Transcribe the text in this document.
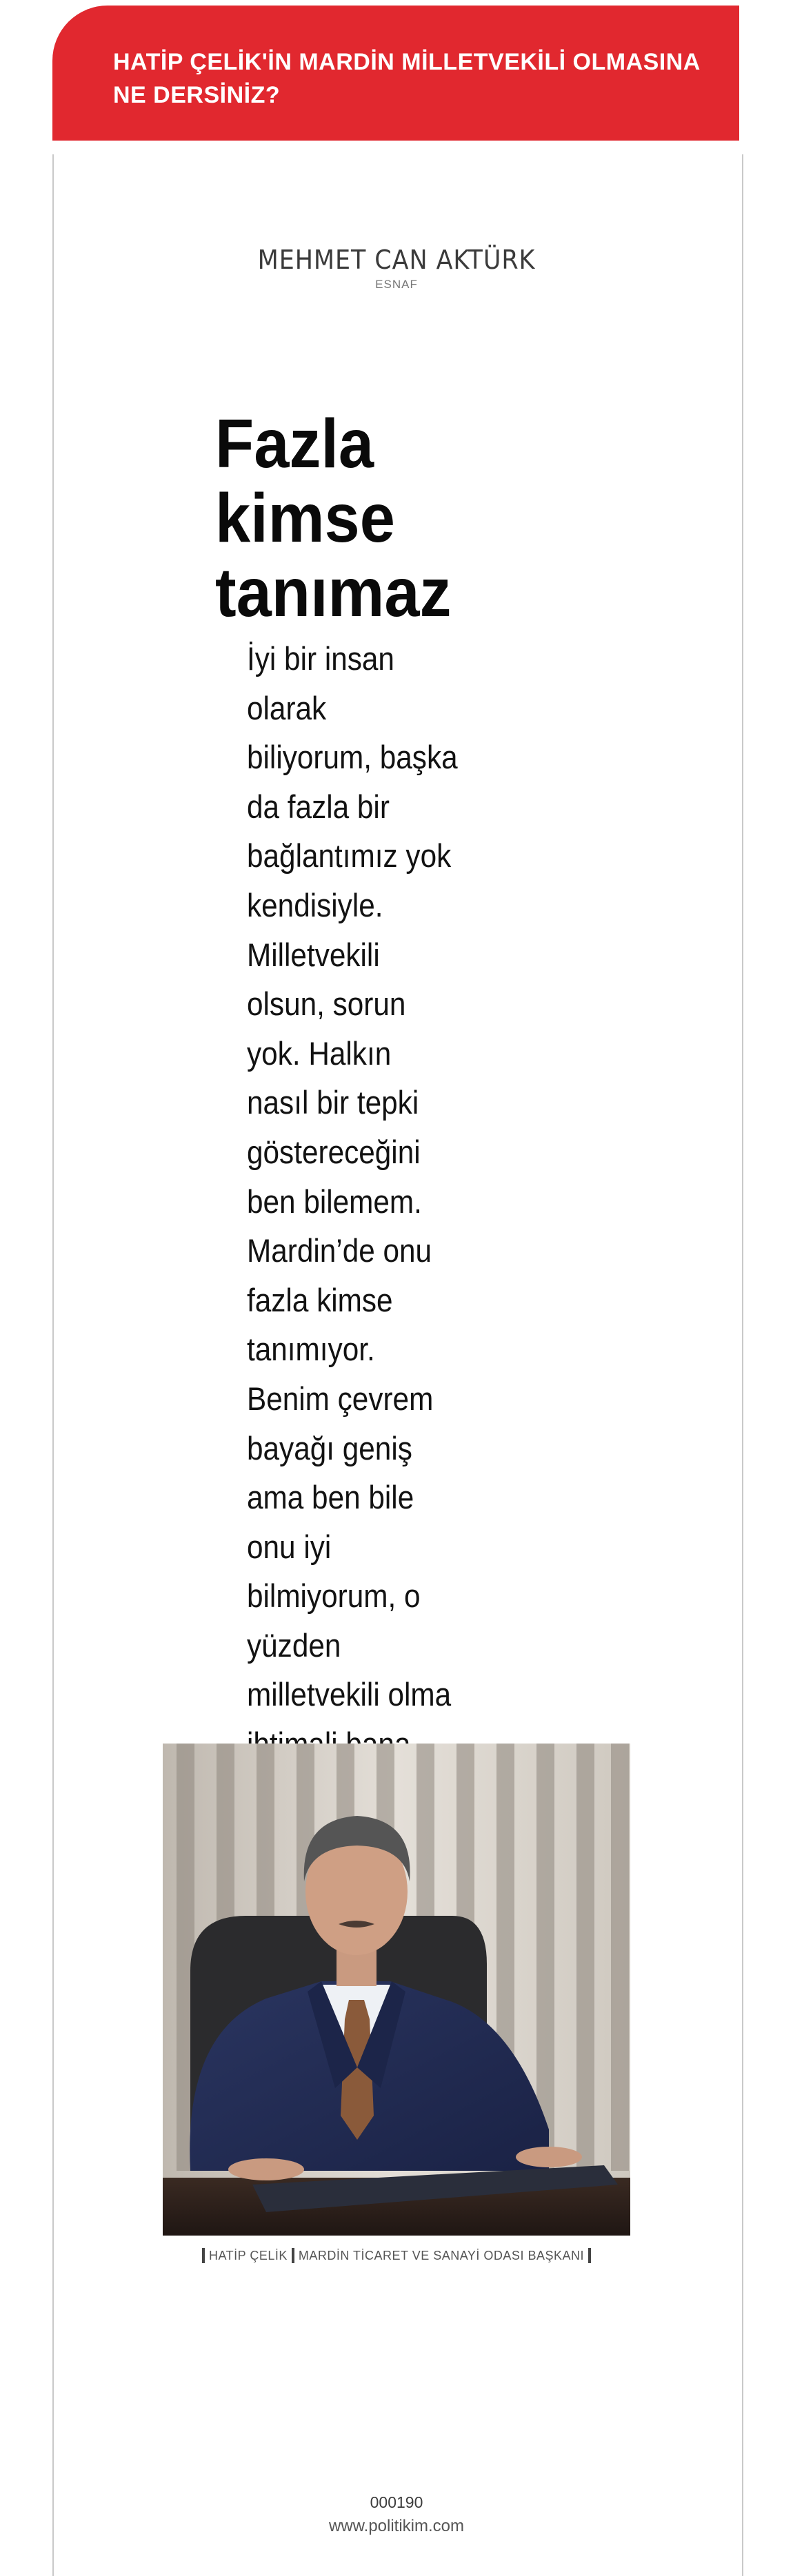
HATİP ÇELİK'İN MARDİN MİLLETVEKİLİ OLMASINA NE DERSİNİZ?
MEHMET CAN AKTÜRK
ESNAF
Fazla kimse tanımaz

İyi bir insan olarak biliyorum, başka da fazla bir bağlantımız yok kendisiyle. Milletvekili olsun, sorun yok. Halkın nasıl bir tepki göstereceğini ben bilemem. Mardin’de onu fazla kimse tanımıyor. Benim çevrem bayağı geniş ama ben bile onu iyi bilmiyorum, o yüzden milletvekili olma

HATİP ÇELİK MARDİN TİCARET VE SANAYİ ODASI BAŞKANI
000190
www.politikim.com
